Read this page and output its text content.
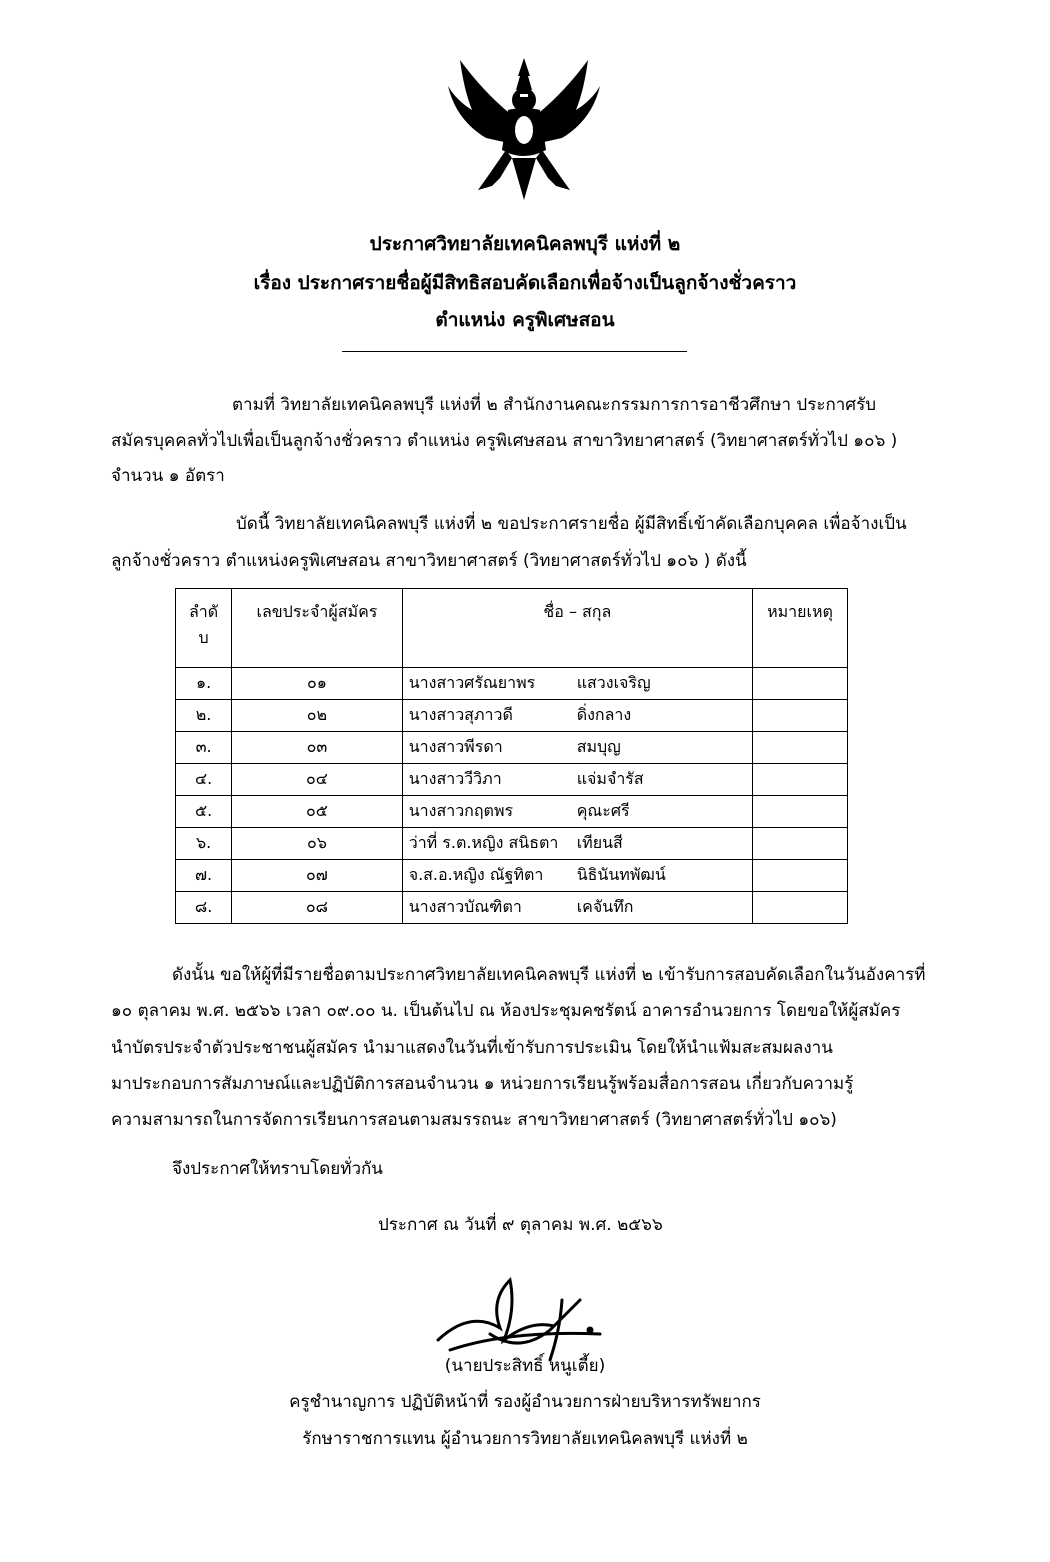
ประกาศวิทยาลัยเทคนิคลพบุรี แห่งที่ ๒
เรื่อง ประกาศรายชื่อผู้มีสิทธิสอบคัดเลือกเพื่อจ้างเป็นลูกจ้างชั่วคราว
ตำแหน่ง ครูพิเศษสอน
ตามที่ วิทยาลัยเทคนิคลพบุรี แห่งที่ ๒ สำนักงานคณะกรรมการการอาชีวศึกษา ประกาศรับ
สมัครบุคคลทั่วไปเพื่อเป็นลูกจ้างชั่วคราว ตำแหน่ง ครูพิเศษสอน สาขาวิทยาศาสตร์ (วิทยาศาสตร์ทั่วไป ๑๐๖ )
จำนวน ๑ อัตรา
บัดนี้ วิทยาลัยเทคนิคลพบุรี แห่งที่ ๒ ขอประกาศรายชื่อ ผู้มีสิทธิ์เข้าคัดเลือกบุคคล เพื่อจ้างเป็น
ลูกจ้างชั่วคราว ตำแหน่งครูพิเศษสอน สาขาวิทยาศาสตร์ (วิทยาศาสตร์ทั่วไป ๑๐๖ ) ดังนี้
ลำดั
บ	เลขประจำผู้สมัคร	ชื่อ – สกุล	หมายเหตุ
๑.	๐๑	นางสาวศรัณยาพร แสวงเจริญ	
๒.	๐๒	นางสาวสุภาวดี ดิ่งกลาง	
๓.	๐๓	นางสาวพีรดา สมบุญ	
๔.	๐๔	นางสาววีวิภา แจ่มจำรัส	
๕.	๐๕	นางสาวกฤตพร คุณะศรี	
๖.	๐๖	ว่าที่ ร.ต.หญิง สนิธตา เทียนสี	
๗.	๐๗	จ.ส.อ.หญิง ณัฐทิตา นิธินันทพัฒน์	
๘.	๐๘	นางสาวบัณฑิตา เคจันทึก	
ดังนั้น ขอให้ผู้ที่มีรายชื่อตามประกาศวิทยาลัยเทคนิคลพบุรี แห่งที่ ๒ เข้ารับการสอบคัดเลือกในวันอังคารที่
๑๐ ตุลาคม พ.ศ. ๒๕๖๖ เวลา ๐๙.๐๐ น. เป็นต้นไป ณ ห้องประชุมคชรัตน์ อาคารอำนวยการ โดยขอให้ผู้สมัคร
นำบัตรประจำตัวประชาชนผู้สมัคร นำมาแสดงในวันที่เข้ารับการประเมิน โดยให้นำแฟ้มสะสมผลงาน
มาประกอบการสัมภาษณ์และปฏิบัติการสอนจำนวน ๑ หน่วยการเรียนรู้พร้อมสื่อการสอน เกี่ยวกับความรู้
ความสามารถในการจัดการเรียนการสอนตามสมรรถนะ สาขาวิทยาศาสตร์ (วิทยาศาสตร์ทั่วไป ๑๐๖)
จึงประกาศให้ทราบโดยทั่วกัน
ประกาศ ณ วันที่ ๙ ตุลาคม พ.ศ. ๒๕๖๖
(นายประสิทธิ์ หนูเตี้ย)
ครูชำนาญการ ปฏิบัติหน้าที่ รองผู้อำนวยการฝ่ายบริหารทรัพยากร
รักษาราชการแทน ผู้อำนวยการวิทยาลัยเทคนิคลพบุรี แห่งที่ ๒
